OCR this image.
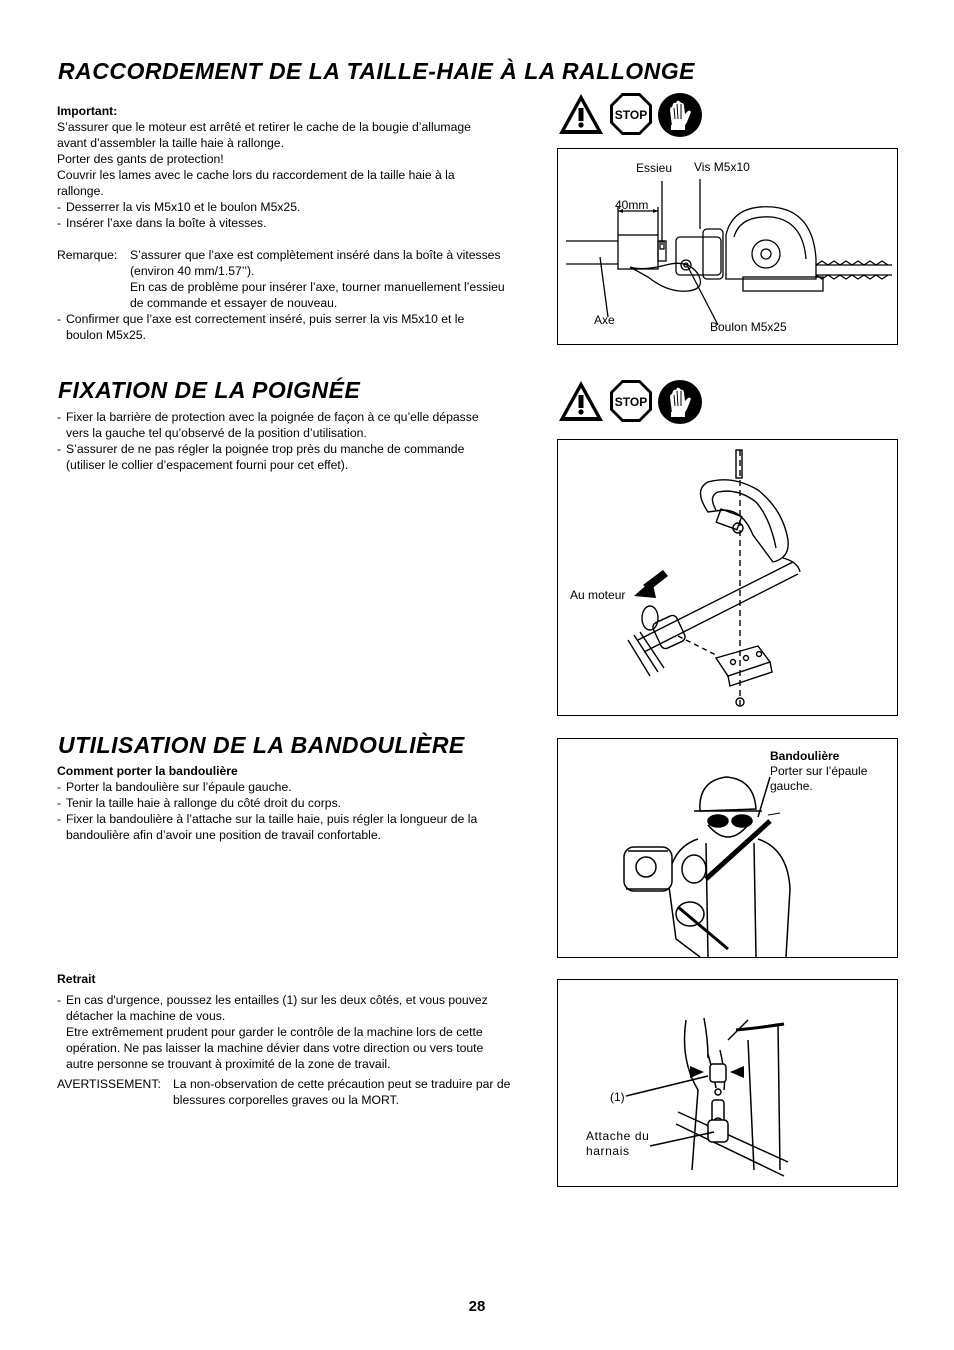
RACCORDEMENT DE LA TAILLE-HAIE À LA RALLONGE

Important:

S’assurer que le moteur est arrêté et retirer le cache de la bougie d’allumage

avant d’assembler la taille haie à rallonge.

Porter des gants de protection!

Couvrir les lames avec le cache lors du raccordement de la taille haie à la

rallonge.

- Desserrer la vis M5x10 et le boulon M5x25.
- Insérer l’axe dans la boîte à vitesses.

Remarque:	S’assurer que l’axe est complètement inséré dans la boîte à vitesses

(environ 40 mm/1.57’’).

En cas de problème pour insérer l’axe, tourner manuellement l’essieu

de commande et essayer de nouveau.

- Confirmer que l’axe est correctement inséré, puis serrer la vis M5x10 et le

boulon M5x25.

STOP
Essieu Vis M5x10
40mm
Axe	Boulon M5x25
FIXATION DE LA POIGNÉE
- Fixer la barrière de protection avec la poignée de façon à ce qu’elle dépasse

vers la gauche tel qu’observé de la position d’utilisation.

- S’assurer de ne pas régler la poignée trop près du manche de commande

(utiliser le collier d’espacement fourni pour cet effet).

STOP
Au moteur
UTILISATION DE LA BANDOULIÈRE

Comment porter la bandoulière

- Porter la bandoulière sur l’épaule gauche.
- Tenir la taille haie à rallonge du côté droit du corps.
- Fixer la bandoulière à l’attache sur la taille haie, puis régler la longueur de la

bandoulière afin d’avoir une position de travail confortable.

Bandoulière
Porter sur l’épaule
gauche.
Retrait
- En cas d'urgence, poussez les entailles (1) sur les deux côtés, et vous pouvez

détacher la machine de vous.

Etre extrêmement prudent pour garder le contrôle de la machine lors de cette

opération. Ne pas laisser la machine dévier dans votre direction ou vers toute

autre personne se trouvant à proximité de la zone de travail.

AVERTISSEMENT: La non-observation de cette précaution peut se traduire par de

blessures corporelles graves ou la MORT.	(1)
Attache du
harnais
28
